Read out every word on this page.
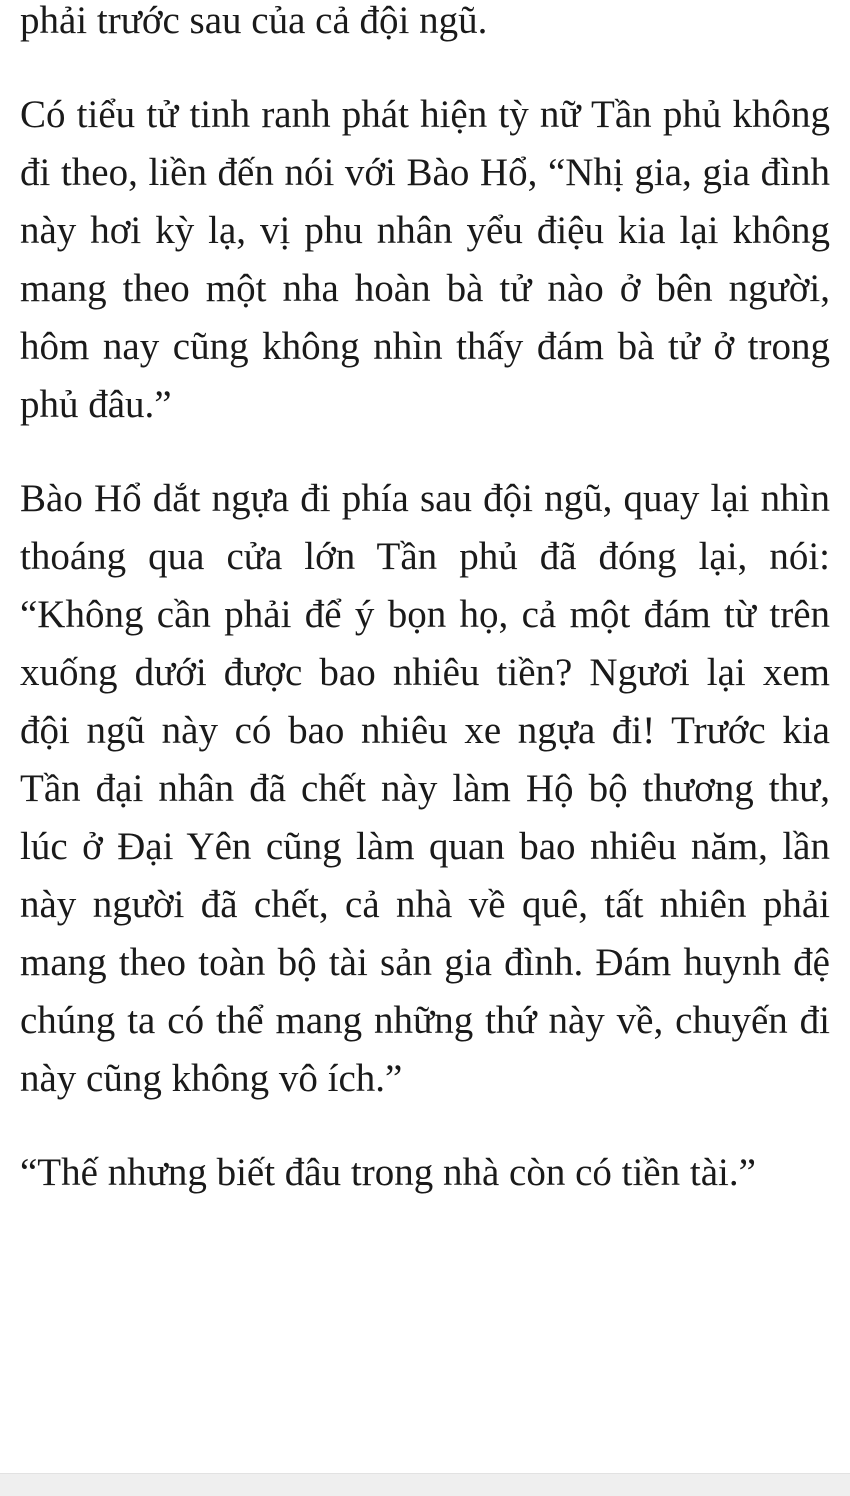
phải trước sau của cả đội ngũ.

Có tiểu tử tinh ranh phát hiện tỳ nữ Tần phủ không đi theo, liền đến nói với Bào Hổ, “Nhị gia, gia đình này hơi kỳ lạ, vị phu nhân yểu điệu kia lại không mang theo một nha hoàn bà tử nào ở bên người, hôm nay cũng không nhìn thấy đám bà tử ở trong phủ đâu.”

Bào Hổ dắt ngựa đi phía sau đội ngũ, quay lại nhìn thoáng qua cửa lớn Tần phủ đã đóng lại, nói: “Không cần phải để ý bọn họ, cả một đám từ trên xuống dưới được bao nhiêu tiền? Ngươi lại xem đội ngũ này có bao nhiêu xe ngựa đi! Trước kia Tần đại nhân đã chết này làm Hộ bộ thương thư, lúc ở Đại Yên cũng làm quan bao nhiêu năm, lần này người đã chết, cả nhà về quê, tất nhiên phải mang theo toàn bộ tài sản gia đình. Đám huynh đệ chúng ta có thể mang những thứ này về, chuyến đi này cũng không vô ích.”

“Thế nhưng biết đâu trong nhà còn có tiền tài.”
